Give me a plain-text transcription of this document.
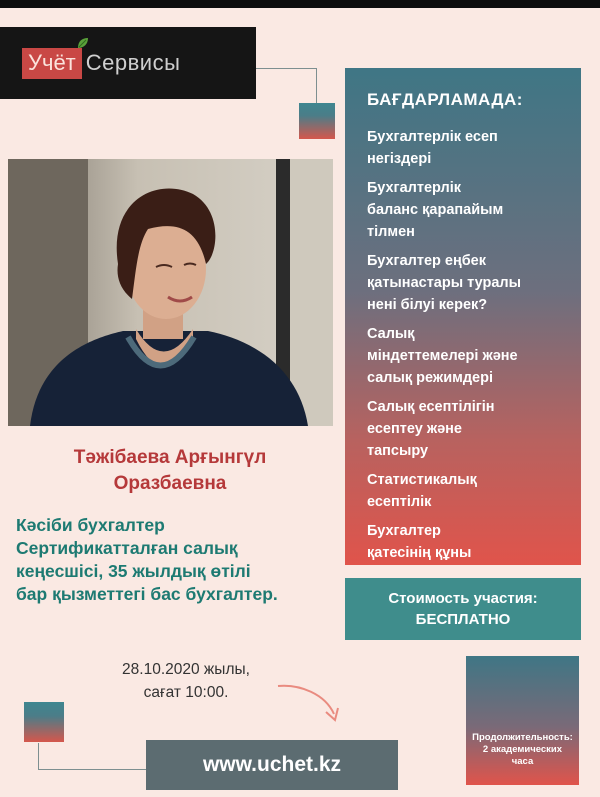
Учёт Сервисы
Тәжібаева Арғынгүл
Оразбаевна
Кәсіби бухгалтер
Сертификатталған салық
кеңесшісі, 35 жылдық өтілі
бар қызметтегі бас бухгалтер.
28.10.2020 жылы,
сағат 10:00.
www.uchet.kz
БАҒДАРЛАМАДА:
Бухгалтерлік есеп
негіздері
Бухгалтерлік
баланс қарапайым
тілмен
Бухгалтер еңбек
қатынастары туралы
нені білуі керек?
Салық
міндеттемелері және
салық режимдері
Салық есептілігін
есептеу және
тапсыру
Статистикалық
есептілік
Бухгалтер
қатесінің құны
Стоимость участия:
БЕСПЛАТНО
Продолжительность:
2 академических
часа
